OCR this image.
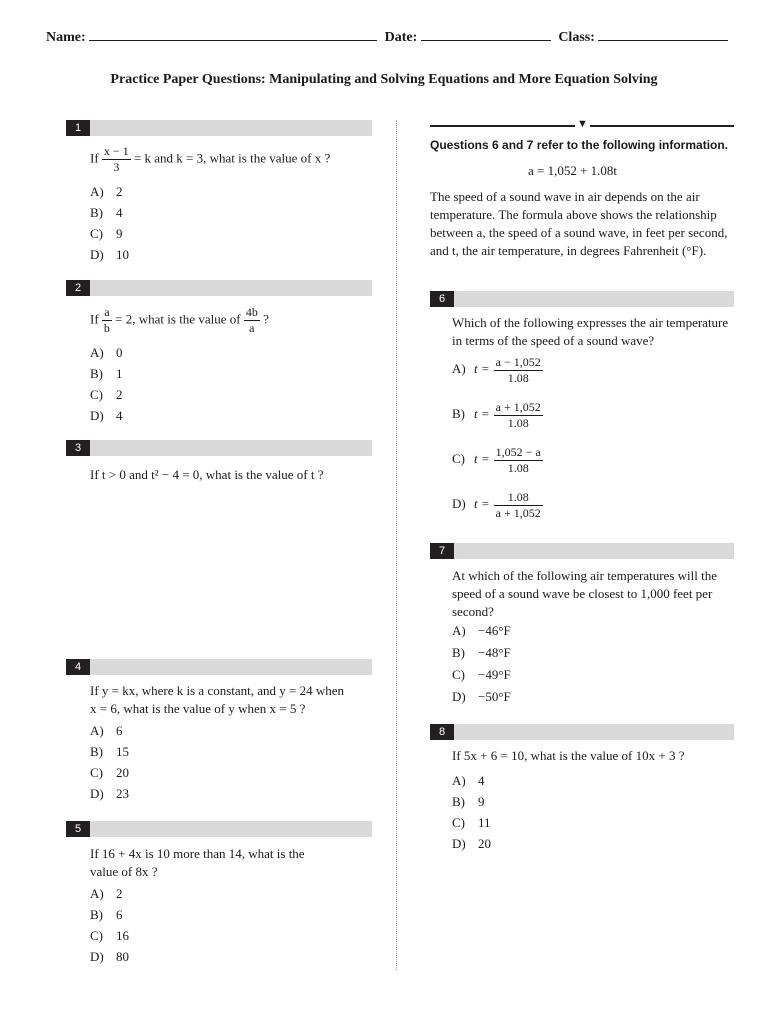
Name:	Date:	Class:
Practice Paper Questions: Manipulating and Solving Equations and More Equation Solving
1
If $\frac{x - 1}{3} = k$ and k = 3, what is the value of x ?
A) 2
B) 4
C) 9
D) 10
2
If $\frac{a}{b} = 2$, what is the value of $\frac{4b}{a}$ ?
A) 0
B) 1
C) 2
D) 4
3
If t > 0 and t² − 4 = 0, what is the value of t ?
4
If y = kx, where k is a constant, and y = 24 when
x = 6, what is the value of y when x = 5 ?
A) 6
B) 15
C) 20
D) 23
5
If 16 + 4x is 10 more than 14, what is the
value of 8x ?
A) 2
B) 6
C) 16
D) 80
▼
Questions 6 and 7 refer to the following information.
a = 1,052 + 1.08t
The speed of a sound wave in air depends on the air
temperature. The formula above shows the relationship
between a, the speed of a sound wave, in feet per second,
and t, the air temperature, in degrees Fahrenheit (°F).
6
Which of the following expresses the air temperature
in terms of the speed of a sound wave?
A) $t = \frac{a - 1,052}{1.08}$
B) $t = \frac{a + 1,052}{1.08}$
C) $t = \frac{1,052 - a}{1.08}$
D) $t = \frac{1.08}{a + 1,052}$
7
At which of the following air temperatures will the
speed of a sound wave be closest to 1,000 feet per
second?
A) −46°F
B) −48°F
C) −49°F
D) −50°F
8
If 5x + 6 = 10, what is the value of 10x + 3 ?
A) 4
B) 9
C) 11
D) 20
